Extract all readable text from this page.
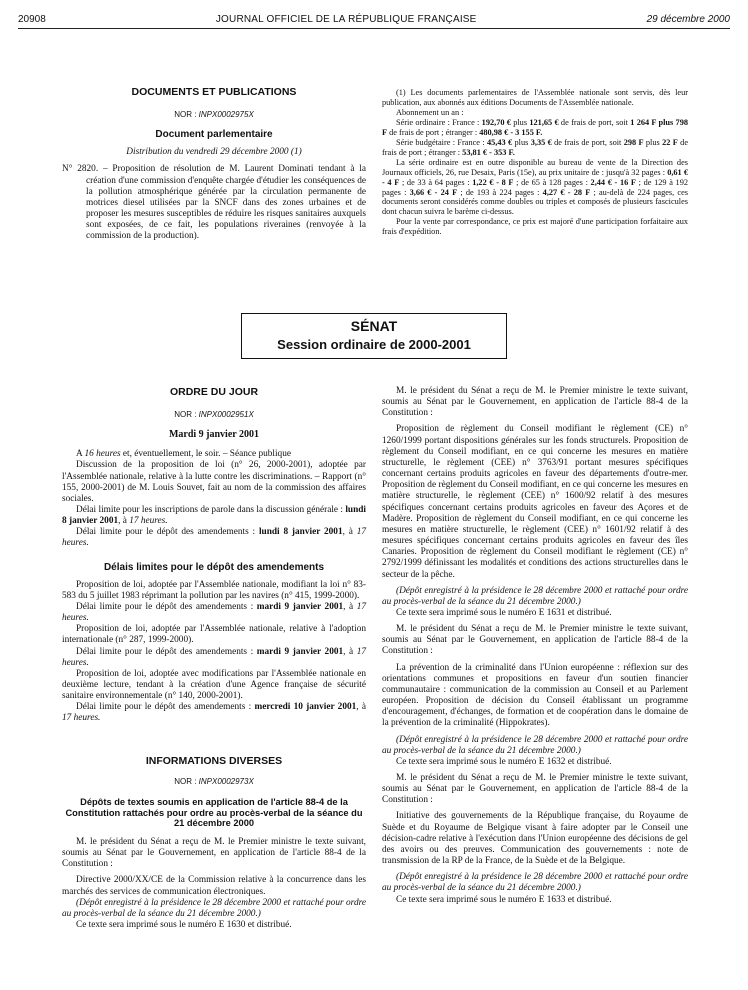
20908	JOURNAL OFFICIEL DE LA RÉPUBLIQUE FRANÇAISE	29 décembre 2000
DOCUMENTS ET PUBLICATIONS
NOR : INPX0002975X
Document parlementaire
Distribution du vendredi 29 décembre 2000 (1)

N° 2820. – Proposition de résolution de M. Laurent Dominati tendant à la création d'une commission d'enquête chargée d'étudier les conséquences de la pollution atmosphérique générée par la circulation permanente de motrices diesel utilisées par la SNCF dans des zones urbaines et de proposer les mesures susceptibles de réduire les risques sanitaires auxquels sont exposées, de ce fait, les populations riveraines (renvoyée à la commission de la production).

(1) Les documents parlementaires de l'Assemblée nationale sont servis, dès leur publication, aux abonnés aux éditions Documents de l'Assemblée nationale.

Abonnement un an :

Série ordinaire : France : 192,70 € plus 121,65 € de frais de port, soit 1 264 F plus 798 F de frais de port ; étranger : 480,98 € - 3 155 F.

Série budgétaire : France : 45,43 € plus 3,35 € de frais de port, soit 298 F plus 22 F de frais de port ; étranger : 53,81 € - 353 F.

La série ordinaire est en outre disponible au bureau de vente de la Direction des Journaux officiels, 26, rue Desaix, Paris (15e), au prix unitaire de : jusqu'à 32 pages : 0,61 € - 4 F ; de 33 à 64 pages : 1,22 € - 8 F ; de 65 à 128 pages : 2,44 € - 16 F ; de 129 à 192 pages : 3,66 € - 24 F ; de 193 à 224 pages : 4,27 € - 28 F ; au-delà de 224 pages, ces documents seront considérés comme doubles ou triples et composés de plusieurs fascicules dont chacun suivra le barème ci-dessus.

Pour la vente par correspondance, ce prix est majoré d'une participation forfaitaire aux frais d'expédition.

SÉNAT
Session ordinaire de 2000-2001
ORDRE DU JOUR
NOR : INPX0002951X
Mardi 9 janvier 2001

A 16 heures et, éventuellement, le soir. – Séance publique

Discussion de la proposition de loi (n° 26, 2000-2001), adoptée par l'Assemblée nationale, relative à la lutte contre les discriminations. – Rapport (n° 155, 2000-2001) de M. Louis Souvet, fait au nom de la commission des affaires sociales.

Délai limite pour les inscriptions de parole dans la discussion générale : lundi 8 janvier 2001, à 17 heures.

Délai limite pour le dépôt des amendements : lundi 8 janvier 2001, à 17 heures.

Délais limites pour le dépôt des amendements

Proposition de loi, adoptée par l'Assemblée nationale, modifiant la loi n° 83-583 du 5 juillet 1983 réprimant la pollution par les navires (n° 415, 1999-2000).

Délai limite pour le dépôt des amendements : mardi 9 janvier 2001, à 17 heures.

Proposition de loi, adoptée par l'Assemblée nationale, relative à l'adoption internationale (n° 287, 1999-2000).

Délai limite pour le dépôt des amendements : mardi 9 janvier 2001, à 17 heures.

Proposition de loi, adoptée avec modifications par l'Assemblée nationale en deuxième lecture, tendant à la création d'une Agence française de sécurité sanitaire environnementale (n° 140, 2000-2001).

Délai limite pour le dépôt des amendements : mercredi 10 janvier 2001, à 17 heures.

INFORMATIONS DIVERSES
NOR : INPX0002973X
Dépôts de textes soumis en application de l'article 88-4 de la Constitution rattachés pour ordre au procès-verbal de la séance du 21 décembre 2000

M. le président du Sénat a reçu de M. le Premier ministre le texte suivant, soumis au Sénat par le Gouvernement, en application de l'article 88-4 de la Constitution :

Directive 2000/XX/CE de la Commission relative à la concurrence dans les marchés des services de communication électroniques.

(Dépôt enregistré à la présidence le 28 décembre 2000 et rattaché pour ordre au procès-verbal de la séance du 21 décembre 2000.)

Ce texte sera imprimé sous le numéro E 1630 et distribué.

M. le président du Sénat a reçu de M. le Premier ministre le texte suivant, soumis au Sénat par le Gouvernement, en application de l'article 88-4 de la Constitution :

Proposition de règlement du Conseil modifiant le règlement (CE) n° 1260/1999 portant dispositions générales sur les fonds structurels. Proposition de règlement du Conseil modifiant, en ce qui concerne les mesures en matière structurelle, le règlement (CEE) n° 3763/91 portant mesures spécifiques concernant certains produits agricoles en faveur des départements d'outre-mer. Proposition de règlement du Conseil modifiant, en ce qui concerne les mesures en matière structurelle, le règlement (CEE) n° 1600/92 relatif à des mesures spécifiques concernant certains produits agricoles en faveur des Açores et de Madère. Proposition de règlement du Conseil modifiant, en ce qui concerne les mesures en matière structurelle, le règlement (CEE) n° 1601/92 relatif à des mesures spécifiques concernant certains produits agricoles en faveur des îles Canaries. Proposition de règlement du Conseil modifiant le règlement (CE) n° 2792/1999 définissant les modalités et conditions des actions structurelles dans le secteur de la pêche.

(Dépôt enregistré à la présidence le 28 décembre 2000 et rattaché pour ordre au procès-verbal de la séance du 21 décembre 2000.)

Ce texte sera imprimé sous le numéro E 1631 et distribué.

M. le président du Sénat a reçu de M. le Premier ministre le texte suivant, soumis au Sénat par le Gouvernement, en application de l'article 88-4 de la Constitution :

La prévention de la criminalité dans l'Union européenne : réflexion sur des orientations communes et propositions en faveur d'un soutien financier communautaire : communication de la commission au Conseil et au Parlement européen. Proposition de décision du Conseil établissant un programme d'encouragement, d'échanges, de formation et de coopération dans le domaine de la prévention de la criminalité (Hippokrates).

(Dépôt enregistré à la présidence le 28 décembre 2000 et rattaché pour ordre au procès-verbal de la séance du 21 décembre 2000.)

Ce texte sera imprimé sous le numéro E 1632 et distribué.

M. le président du Sénat a reçu de M. le Premier ministre le texte suivant, soumis au Sénat par le Gouvernement, en application de l'article 88-4 de la Constitution :

Initiative des gouvernements de la République française, du Royaume de Suède et du Royaume de Belgique visant à faire adopter par le Conseil une décision-cadre relative à l'exécution dans l'Union européenne des décisions de gel des avoirs ou des preuves. Communication des gouvernements : note de transmission de la RP de la France, de la Suède et de la Belgique.

(Dépôt enregistré à la présidence le 28 décembre 2000 et rattaché pour ordre au procès-verbal de la séance du 21 décembre 2000.)

Ce texte sera imprimé sous le numéro E 1633 et distribué.
